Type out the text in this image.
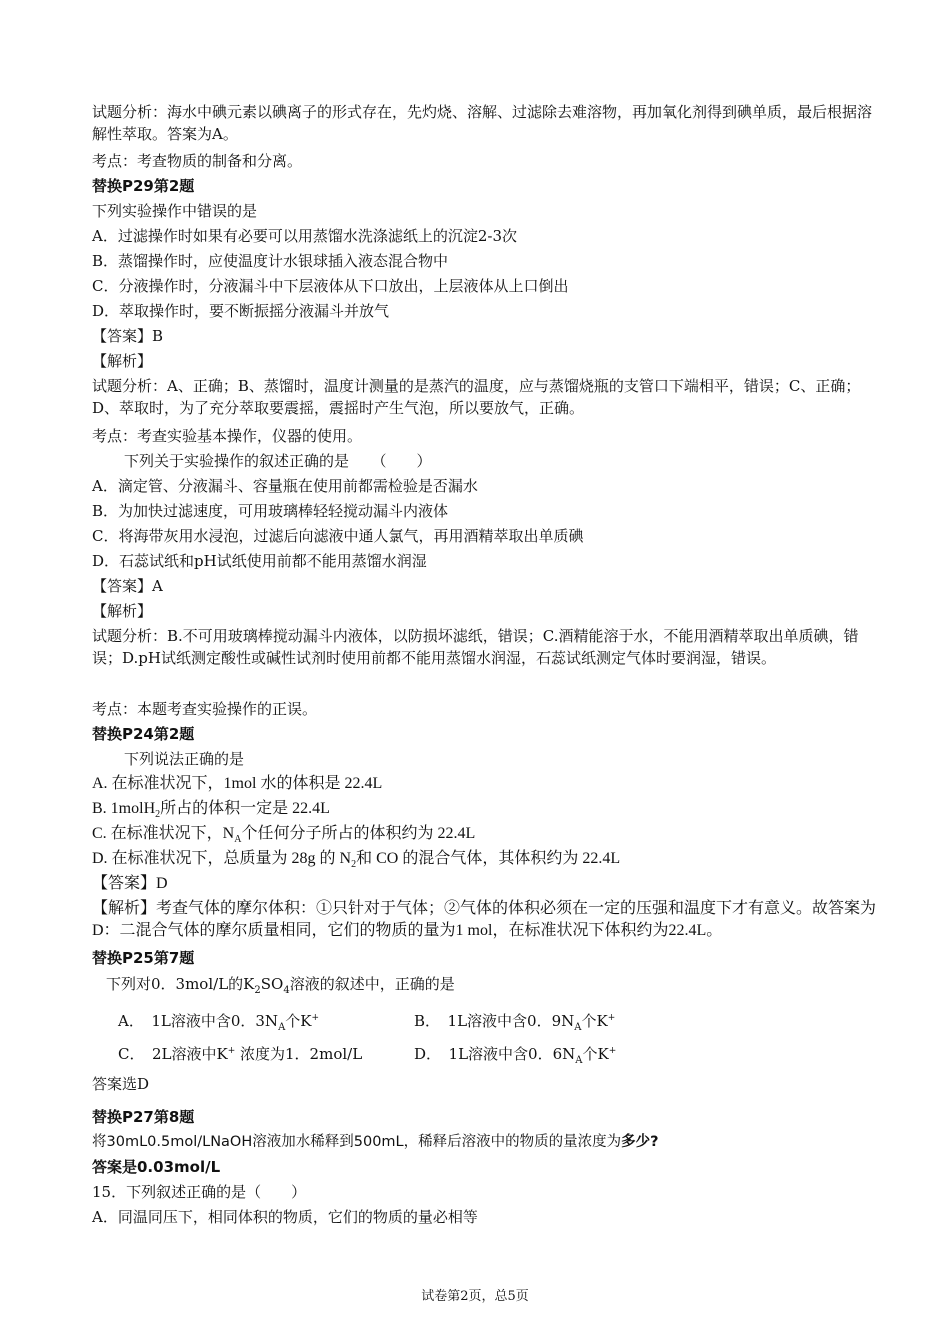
试题分析：海水中碘元素以碘离子的形式存在，先灼烧、溶解、过滤除去难溶物，再加氧化剂得到碘单质，最后根据溶解性萃取。答案为A。
考点：考查物质的制备和分离。
替换P29第2题
下列实验操作中错误的是
A．过滤操作时如果有必要可以用蒸馏水洗涤滤纸上的沉淀2-3次
B．蒸馏操作时，应使温度计水银球插入液态混合物中
C．分液操作时，分液漏斗中下层液体从下口放出，上层液体从上口倒出
D．萃取操作时，要不断振摇分液漏斗并放气
【答案】B
【解析】
试题分析：A、正确；B、蒸馏时，温度计测量的是蒸汽的温度，应与蒸馏烧瓶的支管口下端相平，错误；C、正确；D、萃取时，为了充分萃取要震摇，震摇时产生气泡，所以要放气，正确。
考点：考查实验基本操作，仪器的使用。
下列关于实验操作的叙述正确的是　　（　　）
A．滴定管、分液漏斗、容量瓶在使用前都需检验是否漏水
B．为加快过滤速度，可用玻璃棒轻轻搅动漏斗内液体
C．将海带灰用水浸泡，过滤后向滤液中通人氯气，再用酒精萃取出单质碘
D．石蕊试纸和pH试纸使用前都不能用蒸馏水润湿
【答案】A
【解析】
试题分析：B.不可用玻璃棒搅动漏斗内液体，以防损坏滤纸，错误；C.酒精能溶于水，不能用酒精萃取出单质碘，错误；D.pH试纸测定酸性或碱性试剂时使用前都不能用蒸馏水润湿，石蕊试纸测定气体时要润湿，错误。
考点：本题考查实验操作的正误。
替换P24第2题
下列说法正确的是
A. 在标准状况下，1mol 水的体积是 22.4L
B. 1molH$_2$所占的体积一定是 22.4L
C. 在标准状况下，$N_A$个任何分子所占的体积约为 22.4L
D. 在标准状况下，总质量为 28g 的 $N_2$和 CO 的混合气体，其体积约为 22.4L
【答案】D
【解析】考查气体的摩尔体积：①只针对于气体；②气体的体积必须在一定的压强和温度下才有意义。故答案为D：二混合气体的摩尔质量相同，它们的物质的量为1 mol，在标准状况下体积约为22.4L。
替换P25第7题
下列对0．3mol/L的$K_2SO_4$溶液的叙述中，正确的是
A．　1L溶液中含0．$3N_A$个K+	B．　1L溶液中含0．$9N_A$个K+
C．　2L溶液中K+ 浓度为1．2mol/L	D．　1L溶液中含0．$6N_A$个K+
答案选D
替换P27第8题
将30mL0.5mol/LNaOH溶液加水稀释到500mL，稀释后溶液中的物质的量浓度为多少?
答案是0.03mol/L
15．下列叙述正确的是（　　）
A．同温同压下，相同体积的物质，它们的物质的量必相等
试卷第2页，总5页
